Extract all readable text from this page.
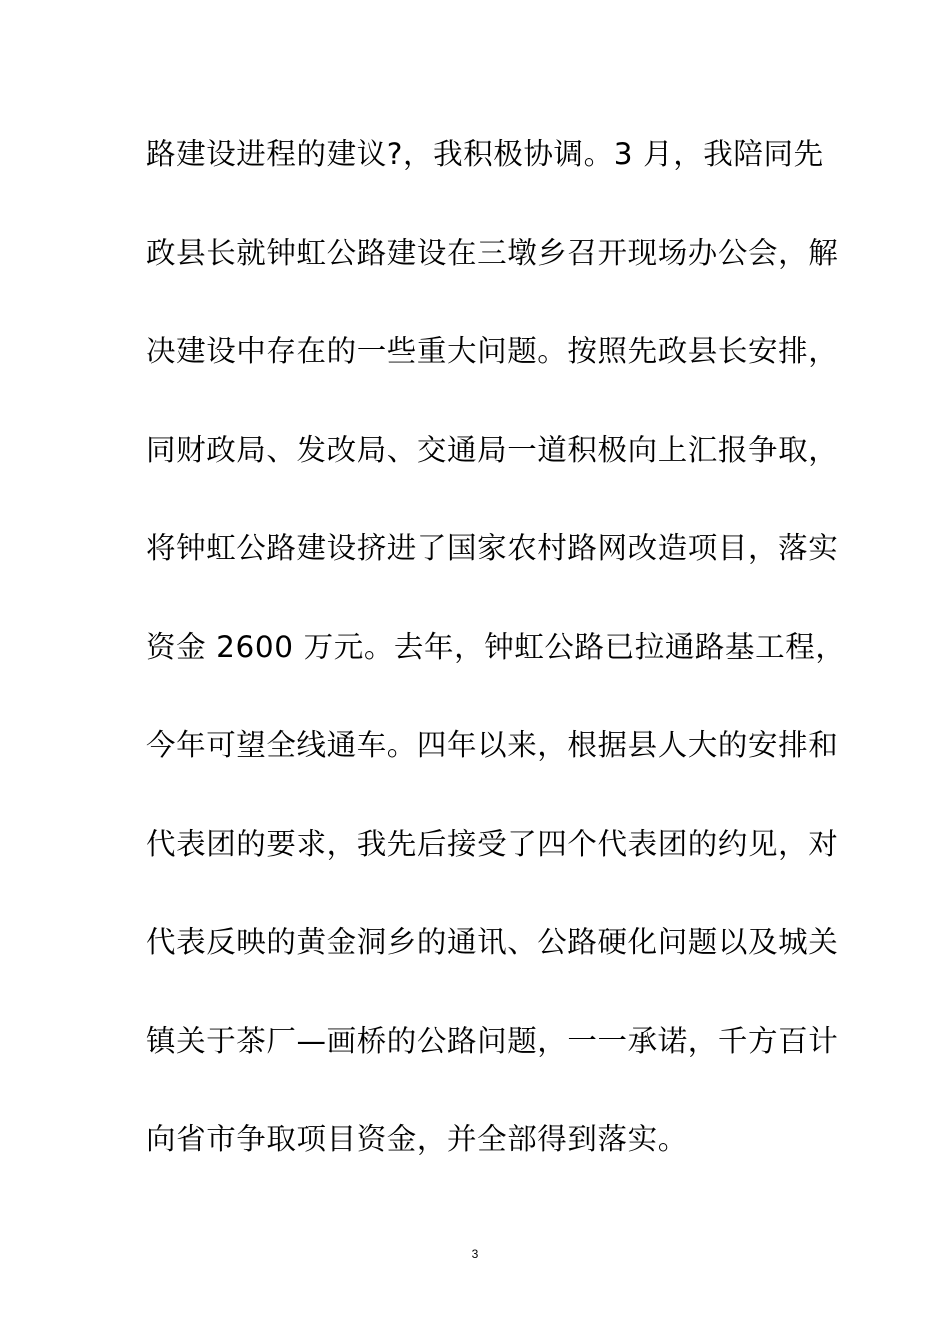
路建设进程的建议?，我积极协调。3 月，我陪同先
政县长就钟虹公路建设在三墩乡召开现场办公会，解
决建设中存在的一些重大问题。按照先政县长安排，
同财政局、发改局、交通局一道积极向上汇报争取，
将钟虹公路建设挤进了国家农村路网改造项目，落实
资金 2600 万元。去年，钟虹公路已拉通路基工程，
今年可望全线通车。四年以来，根据县人大的安排和
代表团的要求，我先后接受了四个代表团的约见，对
代表反映的黄金洞乡的通讯、公路硬化问题以及城关
镇关于茶厂—画桥的公路问题，一一承诺，千方百计
向省市争取项目资金，并全部得到落实。
3
